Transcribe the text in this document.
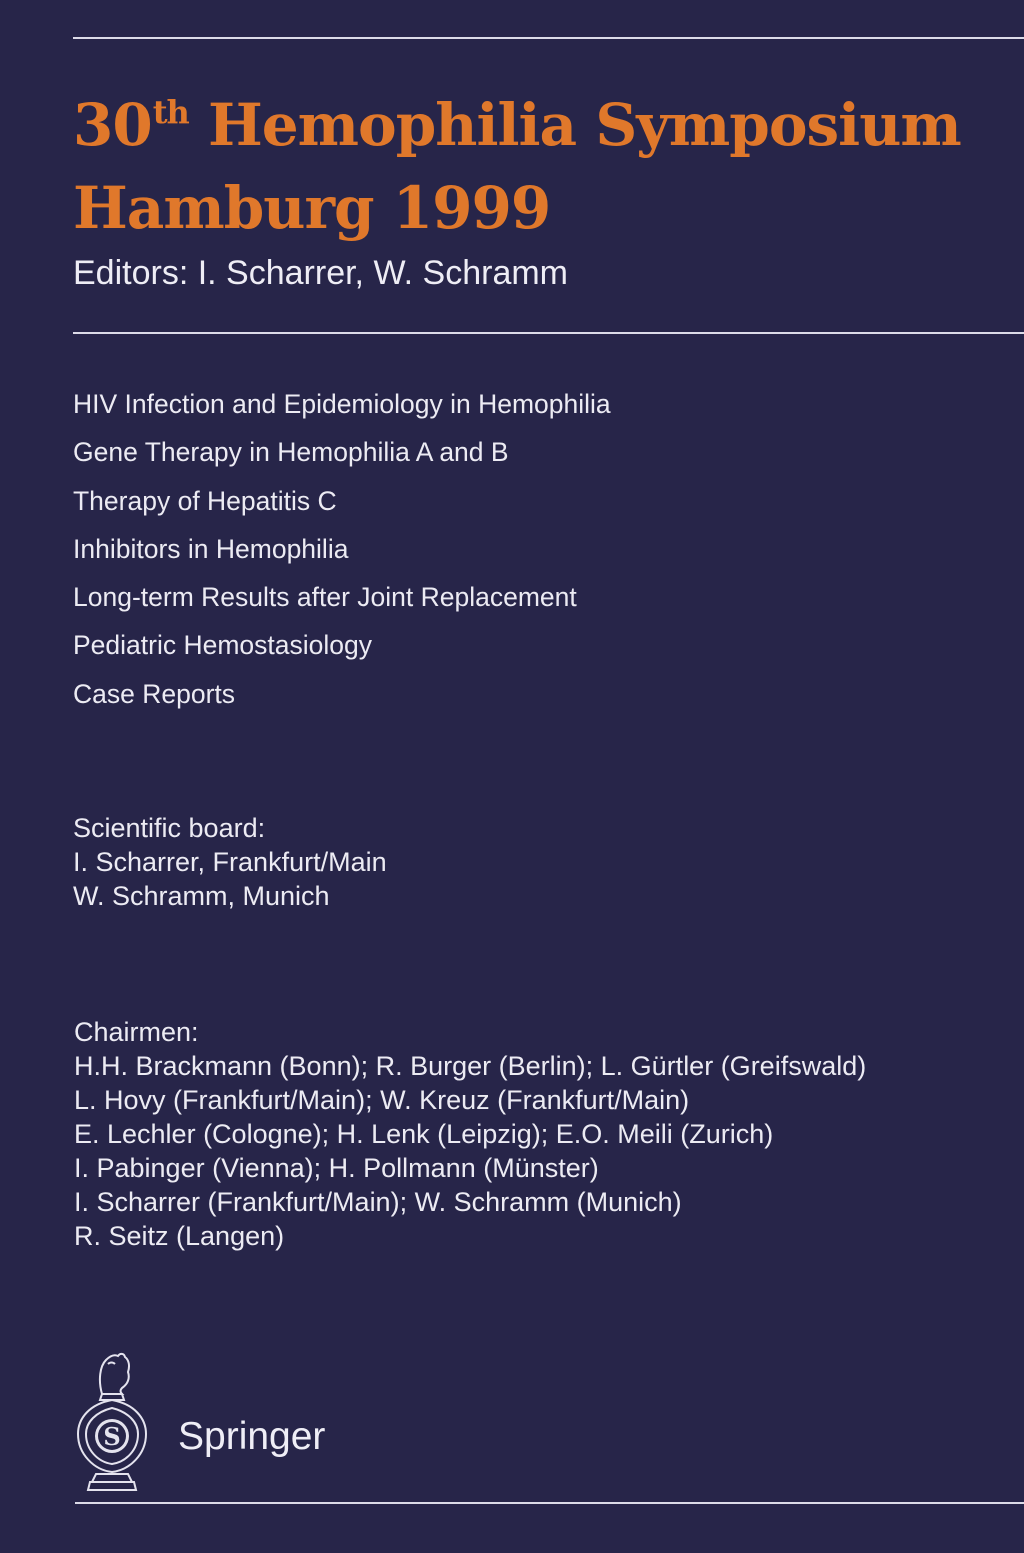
30th Hemophilia Symposium
Hamburg 1999
Editors: I. Scharrer, W. Schramm
HIV Infection and Epidemiology in Hemophilia
Gene Therapy in Hemophilia A and B
Therapy of Hepatitis C
Inhibitors in Hemophilia
Long-term Results after Joint Replacement
Pediatric Hemostasiology
Case Reports
Scientific board:
I. Scharrer, Frankfurt/Main
W. Schramm, Munich
Chairmen:
H.H. Brackmann (Bonn); R. Burger (Berlin); L. Gürtler (Greifswald)
L. Hovy (Frankfurt/Main); W. Kreuz (Frankfurt/Main)
E. Lechler (Cologne); H. Lenk (Leipzig); E.O. Meili (Zurich)
I. Pabinger (Vienna); H. Pollmann (Münster)
I. Scharrer (Frankfurt/Main); W. Schramm (Munich)
R. Seitz (Langen)
S Springer
